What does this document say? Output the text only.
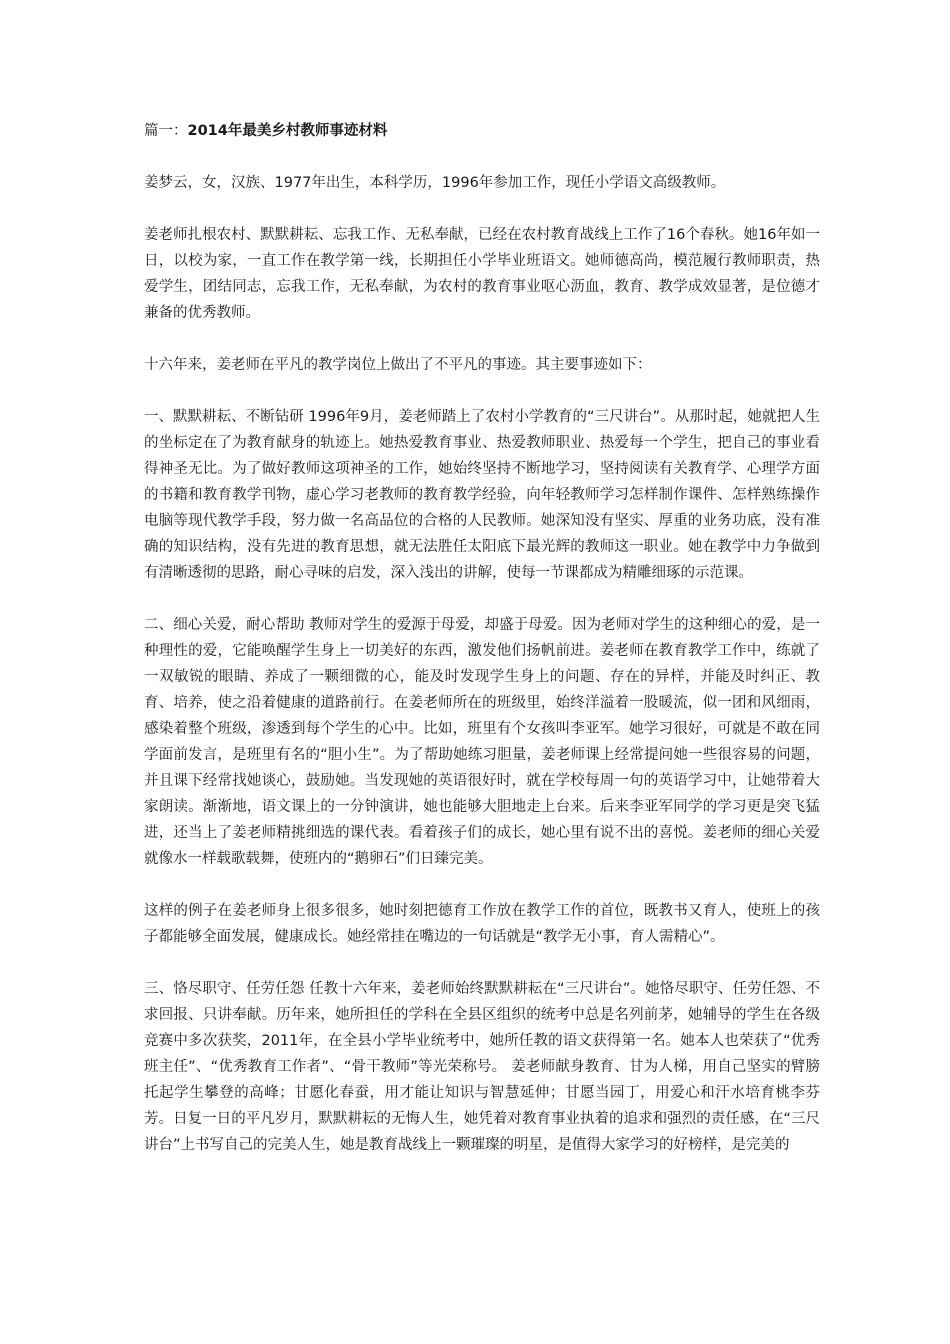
篇一：2014年最美乡村教师事迹材料

姜梦云，女，汉族、1977年出生，本科学历，1996年参加工作，现任小学语文高级教师。

姜老师扎根农村、默默耕耘、忘我工作、无私奉献，已经在农村教育战线上工作了16个春秋。她16年如一日，以校为家，一直工作在教学第一线，长期担任小学毕业班语文。她师德高尚，模范履行教师职责，热爱学生，团结同志，忘我工作，无私奉献，为农村的教育事业呕心沥血，教育、教学成效显著，是位德才兼备的优秀教师。

十六年来，姜老师在平凡的教学岗位上做出了不平凡的事迹。其主要事迹如下：

一、默默耕耘、不断钻研 1996年9月，姜老师踏上了农村小学教育的“三尺讲台”。从那时起，她就把人生的坐标定在了为教育献身的轨迹上。她热爱教育事业、热爱教师职业、热爱每一个学生，把自己的事业看得神圣无比。为了做好教师这项神圣的工作，她始终坚持不断地学习，坚持阅读有关教育学、心理学方面的书籍和教育教学刊物，虚心学习老教师的教育教学经验，向年轻教师学习怎样制作课件、怎样熟练操作电脑等现代教学手段，努力做一名高品位的合格的人民教师。她深知没有坚实、厚重的业务功底，没有准确的知识结构，没有先进的教育思想，就无法胜任太阳底下最光辉的教师这一职业。她在教学中力争做到有清晰透彻的思路，耐心寻味的启发，深入浅出的讲解，使每一节课都成为精雕细琢的示范课。

二、细心关爱，耐心帮助 教师对学生的爱源于母爱，却盛于母爱。因为老师对学生的这种细心的爱，是一种理性的爱，它能唤醒学生身上一切美好的东西，激发他们扬帆前进。姜老师在教育教学工作中，练就了一双敏锐的眼睛、养成了一颗细微的心，能及时发现学生身上的问题、存在的异样，并能及时纠正、教育、培养，使之沿着健康的道路前行。在姜老师所在的班级里，始终洋溢着一股暖流，似一团和风细雨，感染着整个班级，渗透到每个学生的心中。比如，班里有个女孩叫李亚军。她学习很好，可就是不敢在同学面前发言，是班里有名的“胆小生”。为了帮助她练习胆量，姜老师课上经常提问她一些很容易的问题，并且课下经常找她谈心，鼓励她。当发现她的英语很好时，就在学校每周一句的英语学习中，让她带着大家朗读。渐渐地，语文课上的一分钟演讲，她也能够大胆地走上台来。后来李亚军同学的学习更是突飞猛进，还当上了姜老师精挑细选的课代表。看着孩子们的成长，她心里有说不出的喜悦。姜老师的细心关爱就像水一样载歌载舞，使班内的“鹅卵石”们日臻完美。

这样的例子在姜老师身上很多很多，她时刻把德育工作放在教学工作的首位，既教书又育人，使班上的孩子都能够全面发展，健康成长。她经常挂在嘴边的一句话就是“教学无小事，育人需精心”。

三、恪尽职守、任劳任怨 任教十六年来，姜老师始终默默耕耘在“三尺讲台”。她恪尽职守、任劳任怨、不求回报、只讲奉献。历年来，她所担任的学科在全县区组织的统考中总是名列前茅，她辅导的学生在各级竞赛中多次获奖，2011年，在全县小学毕业统考中，她所任教的语文获得第一名。她本人也荣获了“优秀班主任”、“优秀教育工作者”、“骨干教师”等光荣称号。 姜老师献身教育、甘为人梯，用自己坚实的臂膀托起学生攀登的高峰；甘愿化春蚕，用才能让知识与智慧延伸；甘愿当园丁，用爱心和汗水培育桃李芬芳。日复一日的平凡岁月，默默耕耘的无悔人生，她凭着对教育事业执着的追求和强烈的责任感，在“三尺讲台”上书写自己的完美人生，她是教育战线上一颗璀璨的明星，是值得大家学习的好榜样，是完美的
